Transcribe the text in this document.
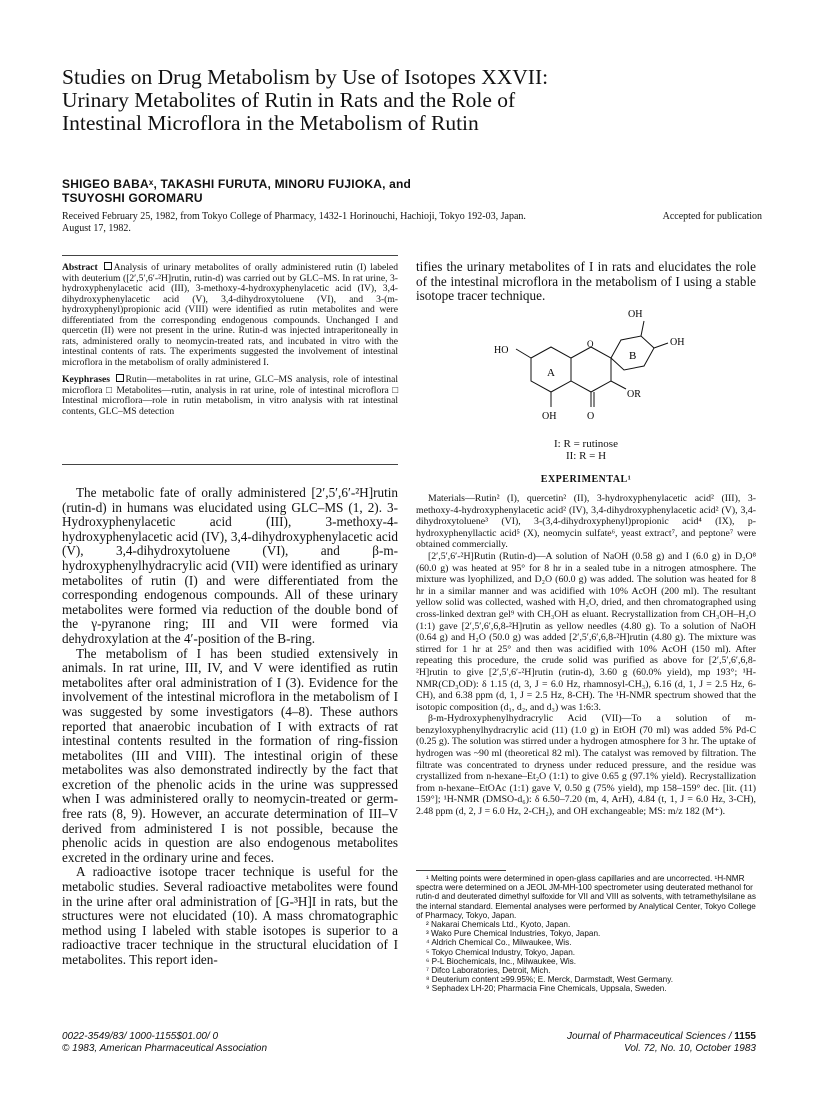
Studies on Drug Metabolism by Use of Isotopes XXVII:
Urinary Metabolites of Rutin in Rats and the Role of
Intestinal Microflora in the Metabolism of Rutin
SHIGEO BABAˣ, TAKASHI FURUTA, MINORU FUJIOKA, and
TSUYOSHI GOROMARU
Received February 25, 1982, from Tokyo College of Pharmacy, 1432-1 Horinouchi, Hachioji, Tokyo 192-03, Japan.	Accepted for publication
August 17, 1982.

Abstract Analysis of urinary metabolites of orally administered rutin (I) labeled with deuterium ([2′,5′,6′-²H]rutin, rutin-d) was carried out by GLC–MS. In rat urine, 3-hydroxyphenylacetic acid (III), 3-methoxy-4-hydroxyphenylacetic acid (IV), 3,4-dihydroxyphenylacetic acid (V), 3,4-dihydroxytoluene (VI), and 3-(m-hydroxyphenyl)propionic acid (VIII) were identified as rutin metabolites and were differentiated from the corresponding endogenous compounds. Unchanged I and quercetin (II) were not present in the urine. Rutin-d was injected intraperitoneally in rats, administered orally to neomycin-treated rats, and incubated in vitro with the intestinal contents of rats. The experiments suggested the involvement of intestinal microflora in the metabolism of orally administered I.

Keyphrases Rutin—metabolites in rat urine, GLC–MS analysis, role of intestinal microflora □ Metabolites—rutin, analysis in rat urine, role of intestinal microflora □ Intestinal microflora—role in rutin metabolism, in vitro analysis with rat intestinal contents, GLC–MS detection

The metabolic fate of orally administered [2′,5′,6′-²H]rutin (rutin-d) in humans was elucidated using GLC–MS (1, 2). 3-Hydroxyphenylacetic acid (III), 3-methoxy-4-hydroxyphenylacetic acid (IV), 3,4-dihydroxyphenylacetic acid (V), 3,4-dihydroxytoluene (VI), and β-m-hydroxyphenylhydracrylic acid (VII) were identified as urinary metabolites of rutin (I) and were differentiated from the corresponding endogenous compounds. All of these urinary metabolites were formed via reduction of the double bond of the γ-pyranone ring; III and VII were formed via dehydroxylation at the 4′-position of the B-ring.

The metabolism of I has been studied extensively in animals. In rat urine, III, IV, and V were identified as rutin metabolites after oral administration of I (3). Evidence for the involvement of the intestinal microflora in the metabolism of I was suggested by some investigators (4–8). These authors reported that anaerobic incubation of I with extracts of rat intestinal contents resulted in the formation of ring-fission metabolites (III and VIII). The intestinal origin of these metabolites was also demonstrated indirectly by the fact that excretion of the phenolic acids in the urine was suppressed when I was administered orally to neomycin-treated or germ-free rats (8, 9). However, an accurate determination of III–V derived from administered I is not possible, because the phenolic acids in question are also endogenous metabolites excreted in the ordinary urine and feces.

A radioactive isotope tracer technique is useful for the metabolic studies. Several radioactive metabolites were found in the urine after oral administration of [G-³H]I in rats, but the structures were not elucidated (10). A mass chromatographic method using I labeled with stable isotopes is superior to a radioactive tracer technique in the structural elucidation of I metabolites. This report iden-

tifies the urinary metabolites of I in rats and elucidates the role of the intestinal microflora in the metabolism of I using a stable isotope tracer technique.
OH
OH
HO
A
B
O
OR
OH	O
I: R = rutinose
II: R = H
EXPERIMENTAL¹

Materials—Rutin² (I), quercetin² (II), 3-hydroxyphenylacetic acid² (III), 3-methoxy-4-hydroxyphenylacetic acid² (IV), 3,4-dihydroxyphenylacetic acid² (V), 3,4-dihydroxytoluene³ (VI), 3-(3,4-dihydroxyphenyl)propionic acid⁴ (IX), p-hydroxyphenyllactic acid⁵ (X), neomycin sulfate⁶, yeast extract⁷, and peptone⁷ were obtained commercially.

[2′,5′,6′-²H]Rutin (Rutin-d)—A solution of NaOH (0.58 g) and I (6.0 g) in D₂O⁸ (60.0 g) was heated at 95° for 8 hr in a sealed tube in a nitrogen atmosphere. The mixture was lyophilized, and D₂O (60.0 g) was added. The solution was heated for 8 hr in a similar manner and was acidified with 10% AcOH (200 ml). The resultant yellow solid was collected, washed with H₂O, dried, and then chromatographed using cross-linked dextran gel⁹ with CH₃OH as eluant. Recrystallization from CH₃OH–H₂O (1:1) gave [2′,5′,6′,6,8-²H]rutin as yellow needles (4.80 g). To a solution of NaOH (0.64 g) and H₂O (50.0 g) was added [2′,5′,6′,6,8-²H]rutin (4.80 g). The mixture was stirred for 1 hr at 25° and then was acidified with 10% AcOH (150 ml). After repeating this procedure, the crude solid was purified as above for [2′,5′,6′,6,8-²H]rutin to give [2′,5′,6′-²H]rutin (rutin-d), 3.60 g (60.0% yield), mp 193°; ¹H-NMR(CD₃OD): δ 1.15 (d, 3, J = 6.0 Hz, rhamnosyl-CH₃), 6.16 (d, 1, J = 2.5 Hz, 6-CH), and 6.38 ppm (d, 1, J = 2.5 Hz, 8-CH). The ¹H-NMR spectrum showed that the isotopic composition (d₁, d₂, and d₃) was 1:6:3.

β-m-Hydroxyphenylhydracrylic Acid (VII)—To a solution of m-benzyloxyphenylhydracrylic acid (11) (1.0 g) in EtOH (70 ml) was added 5% Pd-C (0.25 g). The solution was stirred under a hydrogen atmosphere for 3 hr. The uptake of hydrogen was ~90 ml (theoretical 82 ml). The catalyst was removed by filtration. The filtrate was concentrated to dryness under reduced pressure, and the residue was crystallized from n-hexane–Et₂O (1:1) to give 0.65 g (97.1% yield). Recrystallization from n-hexane–EtOAc (1:1) gave V, 0.50 g (75% yield), mp 158–159° dec. [lit. (11) 159°]; ¹H-NMR (DMSO-d₆): δ 6.50–7.20 (m, 4, ArH), 4.84 (t, 1, J = 6.0 Hz, 3-CH), 2.48 ppm (d, 2, J = 6.0 Hz, 2-CH₂), and OH exchangeable; MS: m/z 182 (M⁺).

¹ Melting points were determined in open-glass capillaries and are uncorrected. ¹H-NMR spectra were determined on a JEOL JM-MH-100 spectrometer using deuterated methanol for rutin-d and deuterated dimethyl sulfoxide for VII and VIII as solvents, with tetramethylsilane as the internal standard. Elemental analyses were performed by Analytical Center, Tokyo College of Pharmacy, Tokyo, Japan.

² Nakarai Chemicals Ltd., Kyoto, Japan.

³ Wako Pure Chemical Industries, Tokyo, Japan.

⁴ Aldrich Chemical Co., Milwaukee, Wis.

⁵ Tokyo Chemical Industry, Tokyo, Japan.

⁶ P-L Biochemicals, Inc., Milwaukee, Wis.

⁷ Difco Laboratories, Detroit, Mich.

⁸ Deuterium content ≥99.95%; E. Merck, Darmstadt, West Germany.

⁹ Sephadex LH-20; Pharmacia Fine Chemicals, Uppsala, Sweden.

0022-3549/83/ 1000-1155$01.00/ 0
© 1983, American Pharmaceutical Association
Journal of Pharmaceutical Sciences / 1155
Vol. 72, No. 10, October 1983
